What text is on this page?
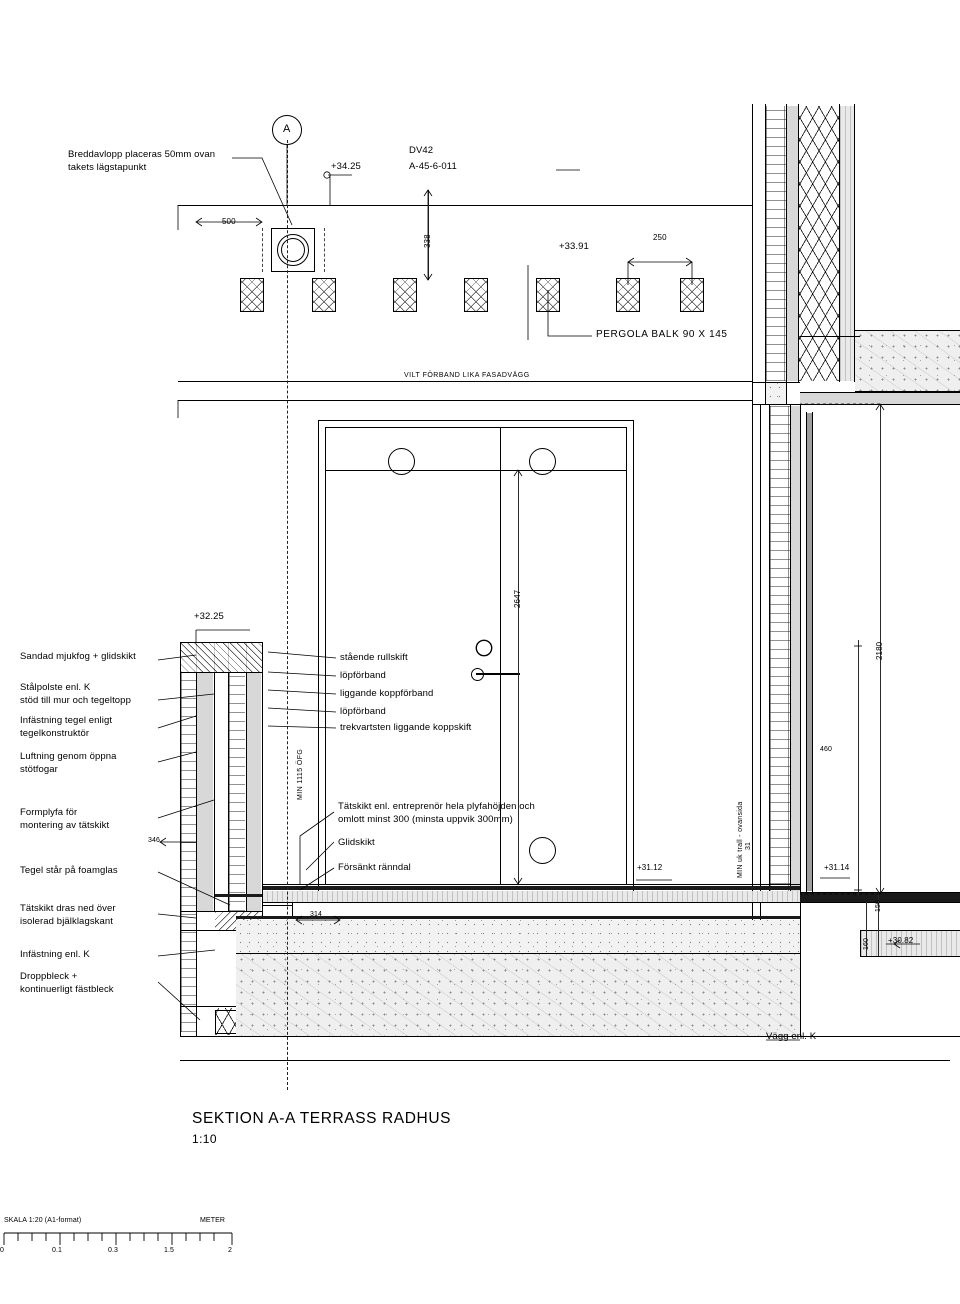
Breddavlopp placeras 50mm ovan
takets lägstapunkt
DV42
A-45-6-011
PERGOLA BALK 90 X 145
VILT FÖRBAND LIKA FASADVÄGG
A
+34.25
+33.91
+32.25
+31.12	+31.14
+30.82
500
338	250
2647
2180
460
346
314
31
150
160
MIN 1115 ÖFG
MIN uk trall - ovansida
Sandad mjukfog + glidskikt
Stålpolste enl. K
stöd till mur och tegeltopp
Infästning tegel enligt
tegelkonstruktör
Luftning genom öppna
stötfogar
Formplyfa för
montering av tätskikt
Tegel står på foamglas
Tätskikt dras ned över
isolerad bjälklagskant
Infästning enl. K
Droppbleck +
kontinuerligt fästbleck
stående rullskift
löpförband
liggande koppförband
löpförband
trekvartsten liggande koppskift
Tätskikt enl. entreprenör hela plyfahöjden och
omlott minst 300 (minsta uppvik 300mm)
Glidskikt
Försänkt ränndal
Vägg enl. K
SEKTION A-A TERRASS RADHUS
1:10
SKALA 1:20 (A1-format)	METER
0	0.1	0.3	1.5	2
